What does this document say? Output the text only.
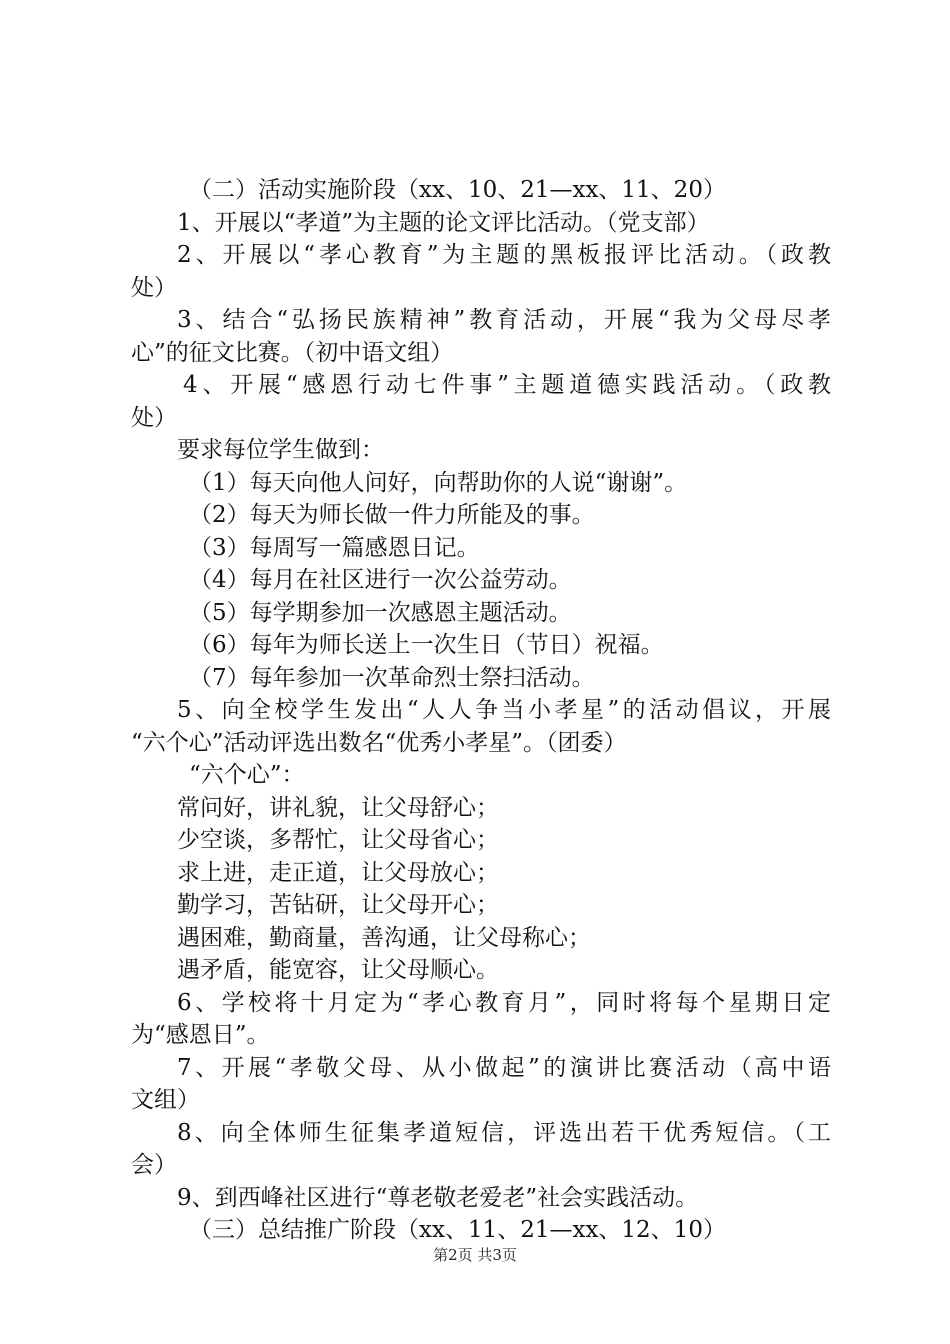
（二）活动实施阶段（xx、10、21—xx、11、20）
1、开展以“孝道”为主题的论文评比活动。（党支部）
2、开展以“孝心教育”为主题的黑板报评比活动。（政教
处）
3、结合“弘扬民族精神”教育活动，开展“我为父母尽孝
心”的征文比赛。（初中语文组）
4、开展“感恩行动七件事”主题道德实践活动。（政教
处）
要求每位学生做到：
（1）每天向他人问好，向帮助你的人说“谢谢”。
（2）每天为师长做一件力所能及的事。
（3）每周写一篇感恩日记。
（4）每月在社区进行一次公益劳动。
（5）每学期参加一次感恩主题活动。
（6）每年为师长送上一次生日（节日）祝福。
（7）每年参加一次革命烈士祭扫活动。
5、向全校学生发出“人人争当小孝星”的活动倡议，开展
“六个心”活动评选出数名“优秀小孝星”。（团委）
“六个心”：
常问好，讲礼貌，让父母舒心；
少空谈，多帮忙，让父母省心；
求上进，走正道，让父母放心；
勤学习，苦钻研，让父母开心；
遇困难，勤商量，善沟通，让父母称心；
遇矛盾，能宽容，让父母顺心。
6、学校将十月定为“孝心教育月”，同时将每个星期日定
为“感恩日”。
7、开展“孝敬父母、从小做起”的演讲比赛活动（高中语
文组）
8、向全体师生征集孝道短信，评选出若干优秀短信。（工
会）
9、到西峰社区进行“尊老敬老爱老”社会实践活动。
（三）总结推广阶段（xx、11、21—xx、12、10）
第2页 共3页
